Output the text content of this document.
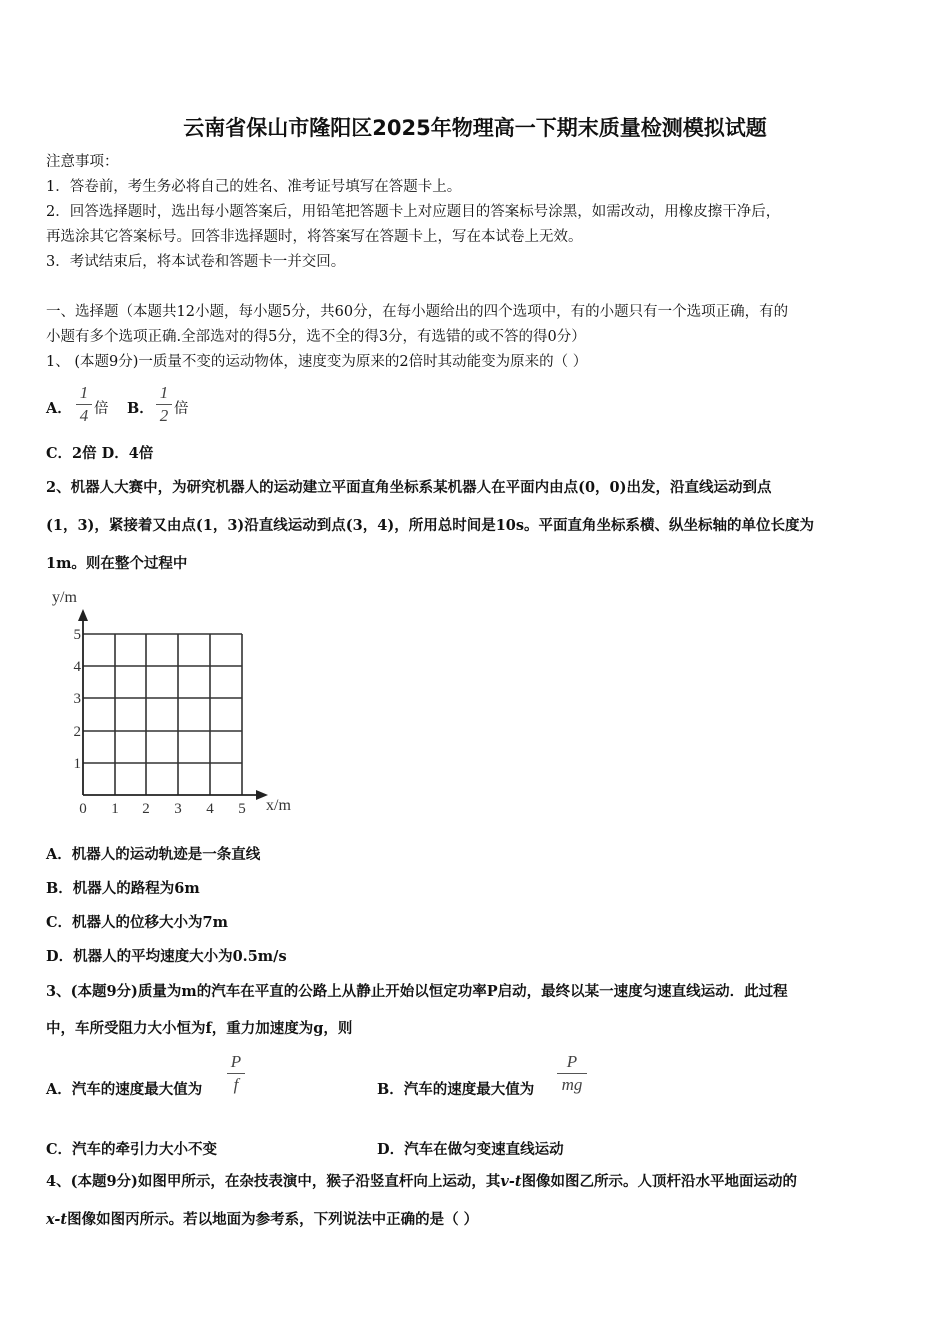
云南省保山市隆阳区2025年物理高一下期末质量检测模拟试题
注意事项：
1．答卷前，考生务必将自己的姓名、准考证号填写在答题卡上。
2．回答选择题时，选出每小题答案后，用铅笔把答题卡上对应题目的答案标号涂黑，如需改动，用橡皮擦干净后，
再选涂其它答案标号。回答非选择题时，将答案写在答题卡上，写在本试卷上无效。
3．考试结束后，将本试卷和答题卡一并交回。
一、选择题（本题共12小题，每小题5分，共60分，在每小题给出的四个选项中，有的小题只有一个选项正确，有的
小题有多个选项正确.全部选对的得5分，选不全的得3分，有选错的或不答的得0分）
1、 (本题9分)一质量不变的运动物体，速度变为原来的2倍时其动能变为原来的（ ）
A．
1
4 倍 B．
1
2 倍
C．2倍 D．4倍
2、机器人大赛中，为研究机器人的运动建立平面直角坐标系某机器人在平面内由点(0，0)出发，沿直线运动到点
(1，3)，紧接着又由点(1，3)沿直线运动到点(3，4)，所用总时间是10s。平面直角坐标系横、纵坐标轴的单位长度为
1m。则在整个过程中
y/m
5
4
3
2
1
0 1 2 3 4 5 x/m
A．机器人的运动轨迹是一条直线
B．机器人的路程为6m
C．机器人的位移大小为7m
D．机器人的平均速度大小为0.5m/s
3、(本题9分)质量为m的汽车在平直的公路上从静止开始以恒定功率P启动，最终以某一速度匀速直线运动．此过程
中，车所受阻力大小恒为f，重力加速度为g，则
A．汽车的速度最大值为
P
f	B．汽车的速度最大值为
P
mg
C．汽车的牵引力大小不变	D．汽车在做匀变速直线运动
4、(本题9分)如图甲所示，在杂技表演中，猴子沿竖直杆向上运动，其v-t图像如图乙所示。人顶杆沿水平地面运动的
x-t图像如图丙所示。若以地面为参考系，下列说法中正确的是（ ）
